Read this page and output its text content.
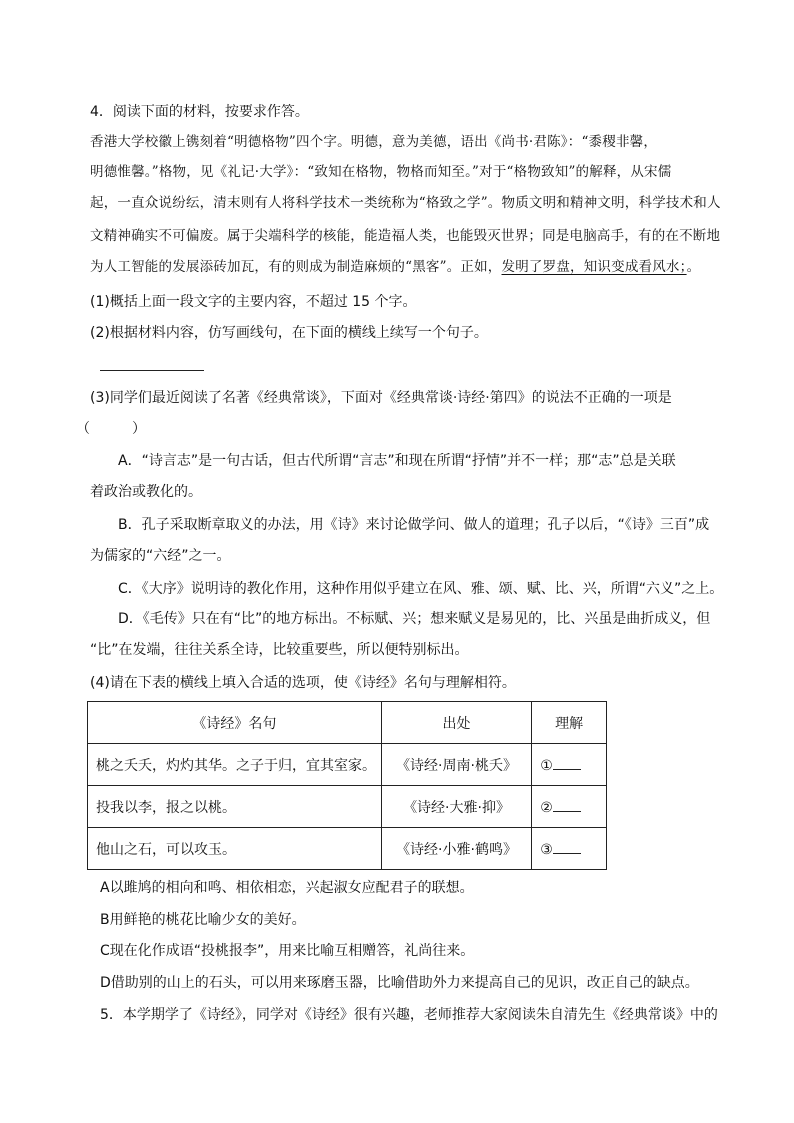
4．阅读下面的材料，按要求作答。
香港大学校徽上镌刻着“明德格物”四个字。明德，意为美德，语出《尚书·君陈》：“黍稷非馨，
明德惟馨。”格物，见《礼记·大学》：“致知在格物，物格而知至。”对于“格物致知”的解释，从宋儒
起，一直众说纷纭，清末则有人将科学技术一类统称为“格致之学”。物质文明和精神文明，科学技术和人
文精神确实不可偏废。属于尖端科学的核能，能造福人类，也能毁灭世界；同是电脑高手，有的在不断地
为人工智能的发展添砖加瓦，有的则成为制造麻烦的“黑客”。正如，发明了罗盘，知识变成看风水；。
(1)概括上面一段文字的主要内容，不超过 15 个字。
(2)根据材料内容，仿写画线句，在下面的横线上续写一个句子。
(3)同学们最近阅读了名著《经典常谈》，下面对《经典常谈·诗经·第四》的说法不正确的一项是
（　　　）
A．“诗言志”是一句古话，但古代所谓“言志”和现在所谓“抒情”并不一样；那“志”总是关联
着政治或教化的。
B．孔子采取断章取义的办法，用《诗》来讨论做学问、做人的道理；孔子以后，“《诗》三百”成
为儒家的“六经”之一。
C．《大序》说明诗的教化作用，这种作用似乎建立在风、雅、颂、赋、比、兴，所谓“六义”之上。
D．《毛传》只在有“比”的地方标出。不标赋、兴；想来赋义是易见的，比、兴虽是曲折成义，但
“比”在发端，往往关系全诗，比较重要些，所以便特别标出。
(4)请在下表的横线上填入合适的选项，使《诗经》名句与理解相符。
《诗经》名句	出处	理解
桃之夭夭，灼灼其华。之子于归，宜其室家。	《诗经·周南·桃夭》	①
投我以李，报之以桃。	《诗经·大雅·抑》	②
他山之石，可以攻玉。	《诗经·小雅·鹤鸣》	③
A以雎鸠的相向和鸣、相依相恋，兴起淑女应配君子的联想。
B用鲜艳的桃花比喻少女的美好。
C现在化作成语“投桃报李”，用来比喻互相赠答，礼尚往来。
D借助别的山上的石头，可以用来琢磨玉器，比喻借助外力来提高自己的见识，改正自己的缺点。
5．本学期学了《诗经》，同学对《诗经》很有兴趣，老师推荐大家阅读朱自清先生《经典常谈》中的
